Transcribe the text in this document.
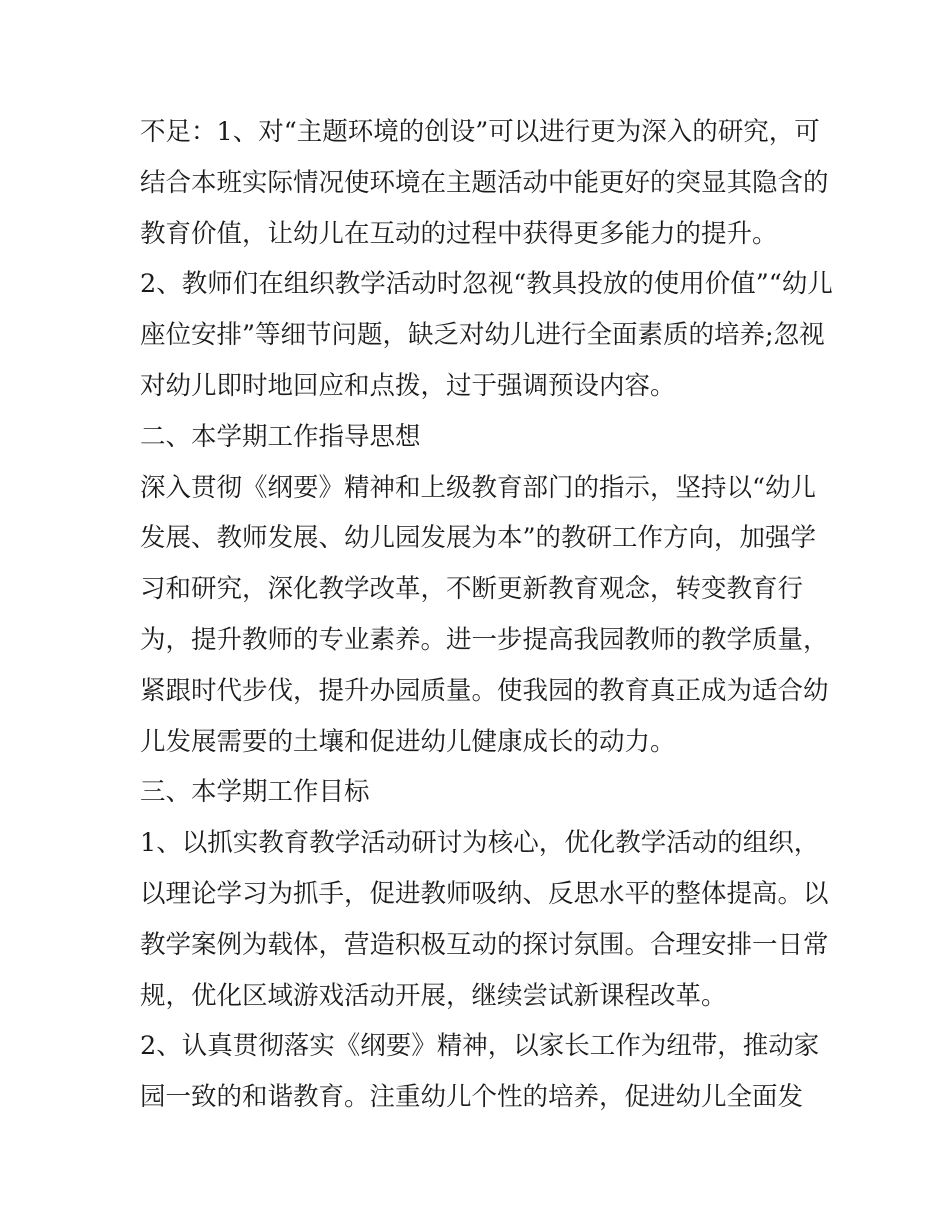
不足：1、对“主题环境的创设”可以进行更为深入的研究，可
结合本班实际情况使环境在主题活动中能更好的突显其隐含的
教育价值，让幼儿在互动的过程中获得更多能力的提升。
2、教师们在组织教学活动时忽视“教具投放的使用价值”“幼儿
座位安排”等细节问题，缺乏对幼儿进行全面素质的培养;忽视
对幼儿即时地回应和点拨，过于强调预设内容。
二、本学期工作指导思想
深入贯彻《纲要》精神和上级教育部门的指示，坚持以“幼儿
发展、教师发展、幼儿园发展为本”的教研工作方向，加强学
习和研究，深化教学改革，不断更新教育观念，转变教育行
为，提升教师的专业素养。进一步提高我园教师的教学质量，
紧跟时代步伐，提升办园质量。使我园的教育真正成为适合幼
儿发展需要的土壤和促进幼儿健康成长的动力。
三、本学期工作目标
1、以抓实教育教学活动研讨为核心，优化教学活动的组织，
以理论学习为抓手，促进教师吸纳、反思水平的整体提高。以
教学案例为载体，营造积极互动的探讨氛围。合理安排一日常
规，优化区域游戏活动开展，继续尝试新课程改革。
2、认真贯彻落实《纲要》精神，以家长工作为纽带，推动家
园一致的和谐教育。注重幼儿个性的培养，促进幼儿全面发
